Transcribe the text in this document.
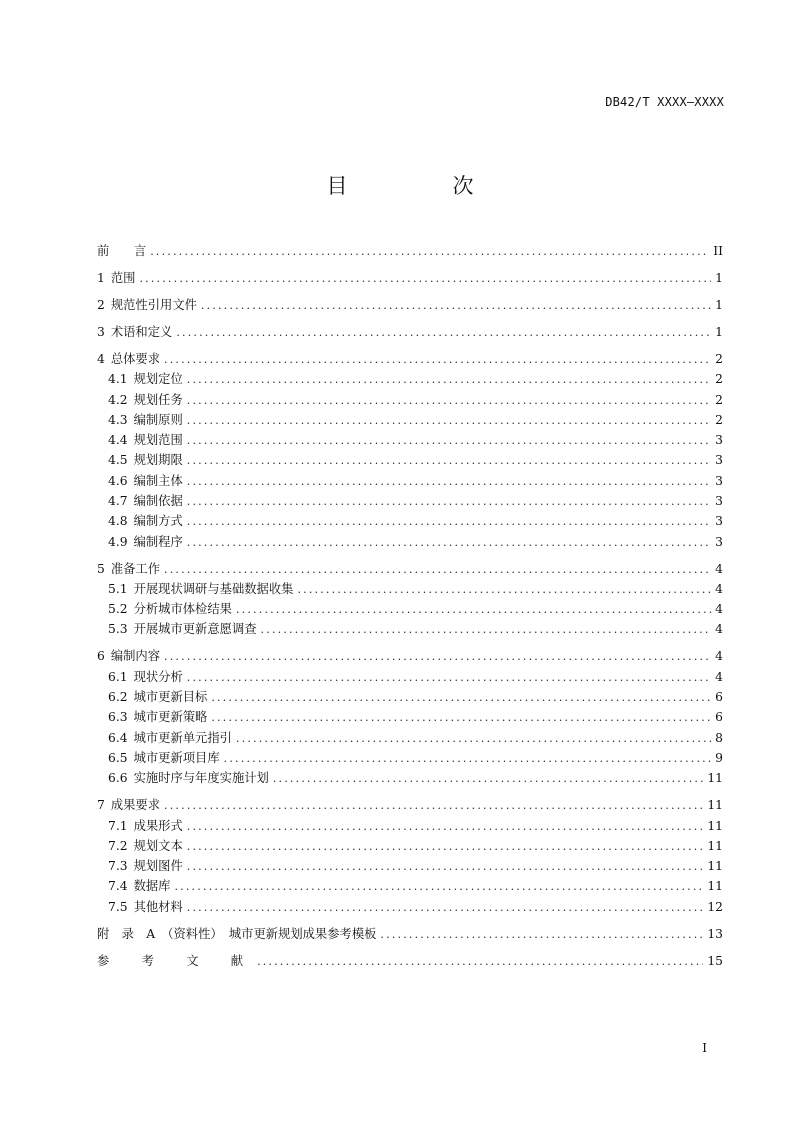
DB42/T XXXX—XXXX
目　次
前　　言 .....	II
1 范围 .....	1
2 规范性引用文件 .....	1
3 术语和定义 .....	1
4 总体要求 .....	2
4.1 规划定位 .....	2
4.2 规划任务 .....	2
4.3 编制原则 .....	2
4.4 规划范围 .....	3
4.5 规划期限 .....	3
4.6 编制主体 .....	3
4.7 编制依据 .....	3
4.8 编制方式 .....	3
4.9 编制程序 .....	3
5 准备工作 .....	4
5.1 开展现状调研与基础数据收集 .....	4
5.2 分析城市体检结果 .....	4
5.3 开展城市更新意愿调查 .....	4
6 编制内容 .....	4
6.1 现状分析 .....	4
6.2 城市更新目标 .....	6
6.3 城市更新策略 .....	6
6.4 城市更新单元指引 .....	8
6.5 城市更新项目库 .....	9
6.6 实施时序与年度实施计划 .....	11
7 成果要求 .....	11
7.1 成果形式 .....	11
7.2 规划文本 .....	11
7.3 规划图件 .....	11
7.4 数据库 .....	11
7.5 其他材料 .....	12
附　录　A　（资料性）　城市更新规划成果参考模板 .....	13
参　考　文　献 .....	15
I
